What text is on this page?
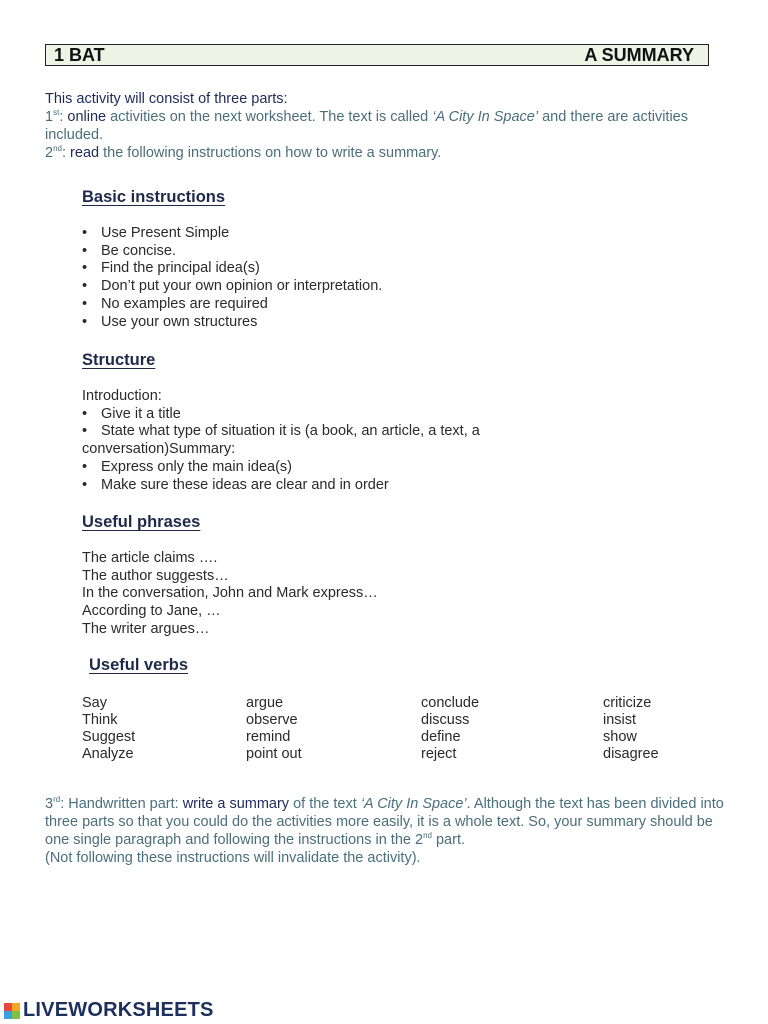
1 BAT	A SUMMARY
This activity will consist of three parts:
1st: online activities on the next worksheet. The text is called ‘A City In Space’ and there are activities included.
2nd: read the following instructions on how to write a summary.
Basic instructions
• Use Present Simple
• Be concise.
• Find the principal idea(s)
• Don’t put your own opinion or interpretation.
• No examples are required
• Use your own structures
Structure
Introduction:
• Give it a title
• State what type of situation it is (a book, an article, a text, a
conversation)Summary:
• Express only the main idea(s)
• Make sure these ideas are clear and in order
Useful phrases
The article claims ….
The author suggests…
In the conversation, John and Mark express…
According to Jane, …
The writer argues…
Useful verbs
Say	argue	conclude	criticize
Think	observe	discuss	insist
Suggest	remind	define	show
Analyze	point out	reject	disagree
3rd: Handwritten part: write a summary of the text ‘A City In Space’. Although the text has been divided into three parts so that you could do the activities more easily, it is a whole text. So, your summary should be one single paragraph and following the instructions in the 2nd part.
(Not following these instructions will invalidate the activity).
LIVEWORKSHEETS
